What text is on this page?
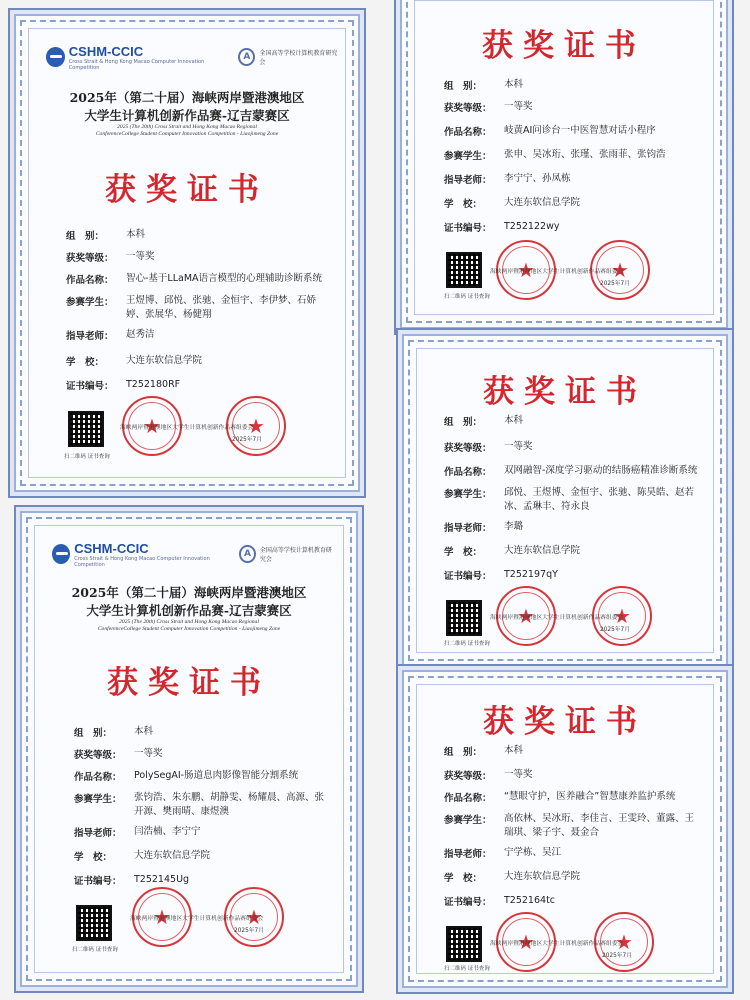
CSHM-CCIC
Cross Strait & Hong Kong Macao Computer Innovation Competition
A	全国高等学校计算机教育研究会
2025年（第二十届）海峡两岸暨港澳地区
大学生计算机创新作品赛-辽吉蒙赛区
2025 (The 20th) Cross Strait and Hong Kong Macao Regional
ConferenceCollege Student Computer Innovation Competition - Liaojimeng Zone
获奖证书
组　别：	本科
获奖等级：	一等奖
作品名称：	智心-基于LLaMA语言模型的心理辅助诊断系统
参赛学生：	王煜博、邱悦、张驰、金恒宇、李伊梦、石娇婷、张展华、杨健翔
指导老师：	赵秀洁
学　校：	大连东软信息学院
证书编号：	T252180RF
扫二维码 证书查询
★	★
海峡两岸暨港澳地区大学生计算机创新作品赛组委会
2025年7月
获奖证书
组　别：	本科
获奖等级：	一等奖
作品名称：	岐黄AI问诊台一中医智慧对话小程序
参赛学生：	张申、吴冰珩、张瑾、张雨菲、张钧浩
指导老师：	李宁宁、孙凤栋
学　校：	大连东软信息学院
证书编号：	T252122wy
扫二维码 证书查询
★	★
海峡两岸暨港澳地区大学生计算机创新作品赛组委会
2025年7月
获奖证书
组　别：	本科
获奖等级：	一等奖
作品名称：	双网融智-深度学习驱动的结肠癌精准诊断系统
参赛学生：	邱悦、王煜博、金恒宇、张驰、陈昊皓、赵若冰、孟琳丰、符永良
指导老师：	李璐
学　校：	大连东软信息学院
证书编号：	T252197qY
扫二维码 证书查询
★	★
海峡两岸暨港澳地区大学生计算机创新作品赛组委会
2025年7月
CSHM-CCIC
Cross Strait & Hong Kong Macao Computer Innovation Competition
A	全国高等学校计算机教育研究会
2025年（第二十届）海峡两岸暨港澳地区
大学生计算机创新作品赛-辽吉蒙赛区
2025 (The 20th) Cross Strait and Hong Kong Macao Regional
ConferenceCollege Student Computer Innovation Competition - Liaojimeng Zone
获奖证书
组　别：	本科
获奖等级：	一等奖
作品名称：	PolySegAI-肠道息肉影像智能分割系统
参赛学生：	张钧浩、朱东鹏、胡静雯、杨耀晨、高源、张开源、樊雨晴、康煜澳
指导老师：	闫浩楠、李宁宁
学　校：	大连东软信息学院
证书编号：	T252145Ug
扫二维码 证书查询
★	★
海峡两岸暨港澳地区大学生计算机创新作品赛组委会
2025年7月
获奖证书
组　别：	本科
获奖等级：	一等奖
作品名称：	“慧眼守护，医养融合”智慧康养监护系统
参赛学生：	高依林、吴冰珩、李佳言、王雯玲、董露、王瑞琪、梁子宇、聂金合
指导老师：	宁学栋、吴江
学　校：	大连东软信息学院
证书编号：	T252164tc
扫二维码 证书查询
★	★
海峡两岸暨港澳地区大学生计算机创新作品赛组委会
2025年7月
